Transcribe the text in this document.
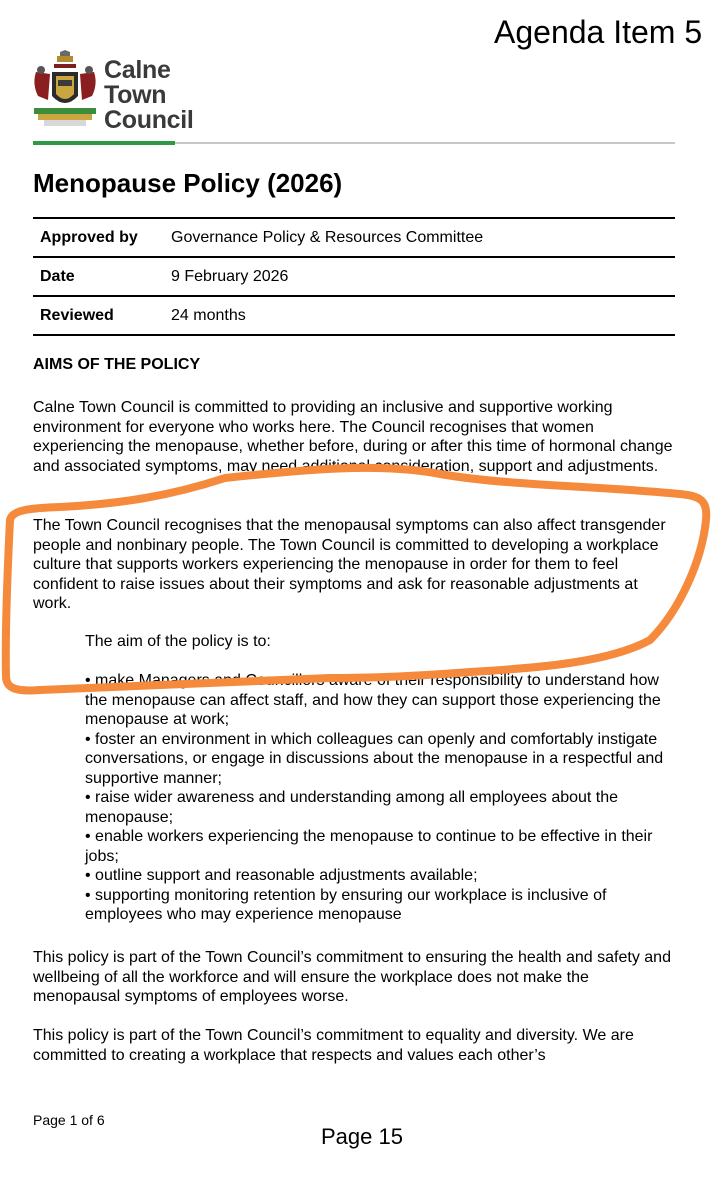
Agenda Item 5
Calne
Town
Council
Menopause Policy (2026)
Approved by	Governance Policy & Resources Committee
Date	9 February 2026
Reviewed	24 months
AIMS OF THE POLICY
Calne Town Council is committed to providing an inclusive and supportive working environment for everyone who works here. The Council recognises that women experiencing the menopause, whether before, during or after this time of hormonal change and associated symptoms, may need additional consideration, support and adjustments.
The Town Council recognises that the menopausal symptoms can also affect transgender people and nonbinary people. The Town Council is committed to developing a workplace culture that supports workers experiencing the menopause in order for them to feel confident to raise issues about their symptoms and ask for reasonable adjustments at work.
The aim of the policy is to:
• make Managers and Councillors aware of their responsibility to understand how the menopause can affect staff, and how they can support those experiencing the menopause at work;
• foster an environment in which colleagues can openly and comfortably instigate conversations, or engage in discussions about the menopause in a respectful and supportive manner;
• raise wider awareness and understanding among all employees about the menopause;
• enable workers experiencing the menopause to continue to be effective in their jobs;
• outline support and reasonable adjustments available;
• supporting monitoring retention by ensuring our workplace is inclusive of employees who may experience menopause
This policy is part of the Town Council’s commitment to ensuring the health and safety and wellbeing of all the workforce and will ensure the workplace does not make the menopausal symptoms of employees worse.
This policy is part of the Town Council’s commitment to equality and diversity. We are committed to creating a workplace that respects and values each other’s
Page 1 of 6
Page 15
